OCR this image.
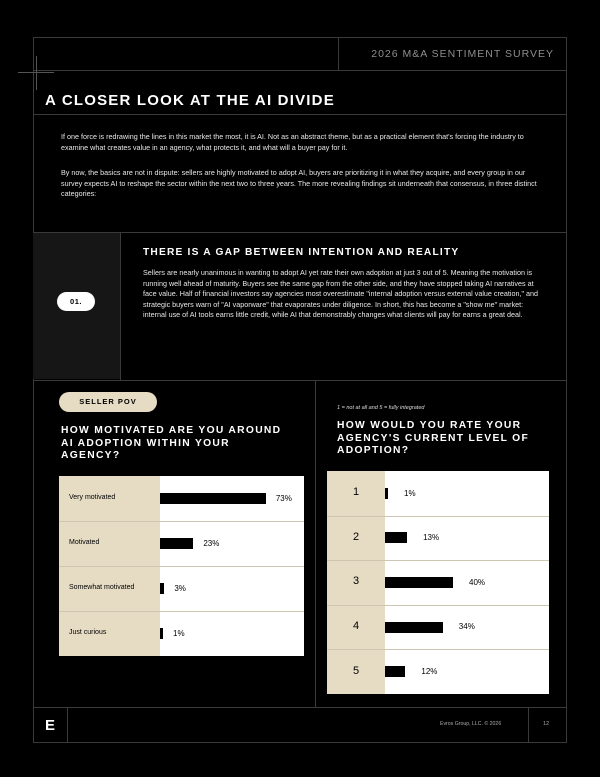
2026 M&A SENTIMENT SURVEY
A CLOSER LOOK AT THE AI DIVIDE
If one force is redrawing the lines in this market the most, it is AI. Not as an abstract theme, but as a practical element that's forcing the industry to examine what creates value in an agency, what protects it, and what will a buyer pay for it.
By now, the basics are not in dispute: sellers are highly motivated to adopt AI, buyers are prioritizing it in what they acquire, and every group in our survey expects AI to reshape the sector within the next two to three years. The more revealing findings sit underneath that consensus, in three distinct categories:
01.
THERE IS A GAP BETWEEN INTENTION AND REALITY
Sellers are nearly unanimous in wanting to adopt AI yet rate their own adoption at just 3 out of 5. Meaning the motivation is running well ahead of maturity. Buyers see the same gap from the other side, and they have stopped taking AI narratives at face value. Half of financial investors say agencies most overestimate "internal adoption versus external value creation," and strategic buyers warn of "AI vaporware" that evaporates under diligence. In short, this has become a "show me" market: internal use of AI tools earns little credit, while AI that demonstrably changes what clients will pay for earns a great deal.
SELLER POV
HOW MOTIVATED ARE YOU AROUND AI ADOPTION WITHIN YOUR AGENCY?
1 = not at all and 5 = fully integrated
HOW WOULD YOU RATE YOUR AGENCY'S CURRENT LEVEL OF ADOPTION?
Very motivated	73%
Motivated	23%
Somewhat motivated	3%
Just curious	1%
1	1%
2	13%
3	40%
4	34%
5	12%
E	Evros Group, LLC. © 2026	12
